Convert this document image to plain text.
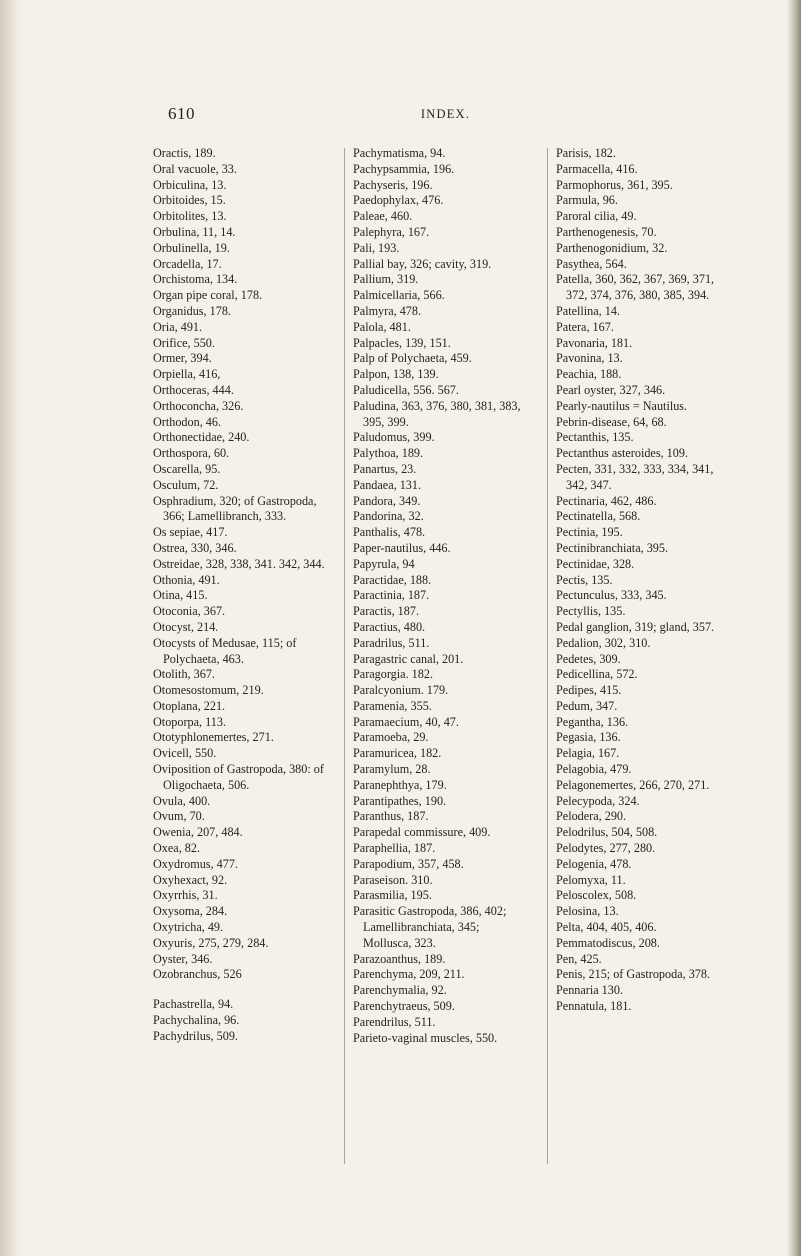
610	INDEX.

Oractis, 189.

Oral vacuole, 33.

Orbiculina, 13.

Orbitoides, 15.

Orbitolites, 13.

Orbulina, 11, 14.

Orbulinella, 19.

Orcadella, 17.

Orchistoma, 134.

Organ pipe coral, 178.

Organidus, 178.

Oria, 491.

Orifice, 550.

Ormer, 394.

Orpiella, 416,

Orthoceras, 444.

Orthoconcha, 326.

Orthodon, 46.

Orthonectidae, 240.

Orthospora, 60.

Oscarella, 95.

Osculum, 72.

Osphradium, 320; of Gastropoda, 366; Lamellibranch, 333.

Os sepiae, 417.

Ostrea, 330, 346.

Ostreidae, 328, 338, 341. 342, 344.

Othonia, 491.

Otina, 415.

Otoconia, 367.

Otocyst, 214.

Otocysts of Medusae, 115; of Polychaeta, 463.

Otolith, 367.

Otomesostomum, 219.

Otoplana, 221.

Otoporpa, 113.

Ototyphlonemertes, 271.

Ovicell, 550.

Oviposition of Gastropoda, 380: of Oligochaeta, 506.

Ovula, 400.

Ovum, 70.

Owenia, 207, 484.

Oxea, 82.

Oxydromus, 477.

Oxyhexact, 92.

Oxyrrhis, 31.

Oxysoma, 284.

Oxytricha, 49.

Oxyuris, 275, 279, 284.

Oyster, 346.

Ozobranchus, 526

Pachastrella, 94.

Pachychalina, 96.

Pachydrilus, 509.

Pachymatisma, 94.

Pachypsammia, 196.

Pachyseris, 196.

Paedophylax, 476.

Paleae, 460.

Palephyra, 167.

Pali, 193.

Pallial bay, 326; cavity, 319.

Pallium, 319.

Palmicellaria, 566.

Palmyra, 478.

Palola, 481.

Palpacles, 139, 151.

Palp of Polychaeta, 459.

Palpon, 138, 139.

Paludicella, 556. 567.

Paludina, 363, 376, 380, 381, 383, 395, 399.

Paludomus, 399.

Palythoa, 189.

Panartus, 23.

Pandaea, 131.

Pandora, 349.

Pandorina, 32.

Panthalis, 478.

Paper-nautilus, 446.

Papyrula, 94

Paractidae, 188.

Paractinia, 187.

Paractis, 187.

Paractius, 480.

Paradrilus, 511.

Paragastric canal, 201.

Paragorgia. 182.

Paralcyonium. 179.

Paramenia, 355.

Paramaecium, 40, 47.

Paramoeba, 29.

Paramuricea, 182.

Paramylum, 28.

Paranephthya, 179.

Parantipathes, 190.

Paranthus, 187.

Parapedal commissure, 409.

Paraphellia, 187.

Parapodium, 357, 458.

Paraseison. 310.

Parasmilia, 195.

Parasitic Gastropoda, 386, 402; Lamellibranchiata, 345; Mollusca, 323.

Parazoanthus, 189.

Parenchyma, 209, 211.

Parenchymalia, 92.

Parenchytraeus, 509.

Parendrilus, 511.

Parieto-vaginal muscles, 550.

Parisis, 182.

Parmacella, 416.

Parmophorus, 361, 395.

Parmula, 96.

Paroral cilia, 49.

Parthenogenesis, 70.

Parthenogonidium, 32.

Pasythea, 564.

Patella, 360, 362, 367, 369, 371, 372, 374, 376, 380, 385, 394.

Patellina, 14.

Patera, 167.

Pavonaria, 181.

Pavonina, 13.

Peachia, 188.

Pearl oyster, 327, 346.

Pearly-nautilus = Nautilus.

Pebrin-disease, 64, 68.

Pectanthis, 135.

Pectanthus asteroides, 109.

Pecten, 331, 332, 333, 334, 341, 342, 347.

Pectinaria, 462, 486.

Pectinatella, 568.

Pectinia, 195.

Pectinibranchiata, 395.

Pectinidae, 328.

Pectis, 135.

Pectunculus, 333, 345.

Pectyllis, 135.

Pedal ganglion, 319; gland, 357.

Pedalion, 302, 310.

Pedetes, 309.

Pedicellina, 572.

Pedipes, 415.

Pedum, 347.

Pegantha, 136.

Pegasia, 136.

Pelagia, 167.

Pelagobia, 479.

Pelagonemertes, 266, 270, 271.

Pelecypoda, 324.

Pelodera, 290.

Pelodrilus, 504, 508.

Pelodytes, 277, 280.

Pelogenia, 478.

Pelomyxa, 11.

Peloscolex, 508.

Pelosina, 13.

Pelta, 404, 405, 406.

Pemmatodiscus, 208.

Pen, 425.

Penis, 215; of Gastropoda, 378.

Pennaria 130.

Pennatula, 181.
